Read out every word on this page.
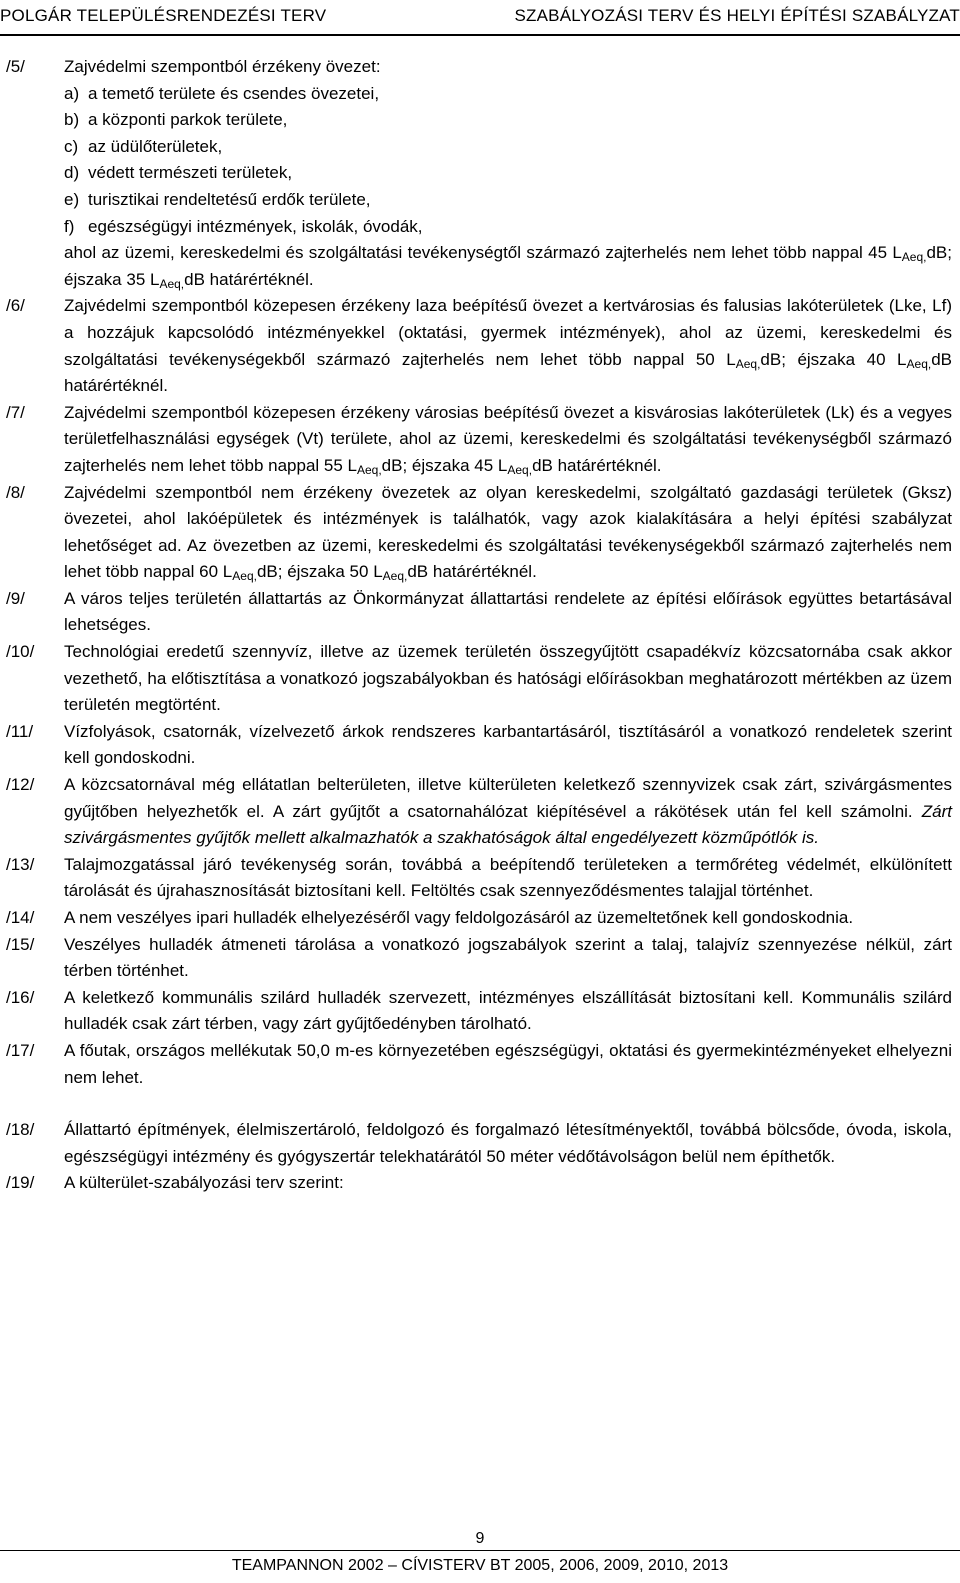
POLGÁR TELEPÜLÉSRENDEZÉSI TERV	SZABÁLYOZÁSI TERV ÉS HELYI ÉPÍTÉSI SZABÁLYZAT
/5/ Zajvédelmi szempontból érzékeny övezet:
a) a temető területe és csendes övezetei,
b) a központi parkok területe,
c) az üdülőterületek,
d) védett természeti területek,
e) turisztikai rendeltetésű erdők területe,
f) egészségügyi intézmények, iskolák, óvodák,
ahol az üzemi, kereskedelmi és szolgáltatási tevékenységtől származó zajterhelés nem lehet több nappal 45 $L_{Aeq,}dB$; éjszaka 35 $L_{Aeq,}dB$ határértéknél.
/6/ Zajvédelmi szempontból közepesen érzékeny laza beépítésű övezet a kertvárosias és falusias lakóterületek (Lke, Lf) a hozzájuk kapcsolódó intézményekkel (oktatási, gyermek intézmények), ahol az üzemi, kereskedelmi és szolgáltatási tevékenységekből származó zajterhelés nem lehet több nappal 50 $L_{Aeq,}dB$; éjszaka 40 $L_{Aeq,}dB$ határértéknél.
/7/ Zajvédelmi szempontból közepesen érzékeny városias beépítésű övezet a kisvárosias lakóterületek (Lk) és a vegyes területfelhasználási egységek (Vt) területe, ahol az üzemi, kereskedelmi és szolgáltatási tevékenységből származó zajterhelés nem lehet több nappal 55 $L_{Aeq,}dB$; éjszaka 45 $L_{Aeq,}dB$ határértéknél.
/8/ Zajvédelmi szempontból nem érzékeny övezetek az olyan kereskedelmi, szolgáltató gazdasági területek (Gksz) övezetei, ahol lakóépületek és intézmények is találhatók, vagy azok kialakítására a helyi építési szabályzat lehetőséget ad. Az övezetben az üzemi, kereskedelmi és szolgáltatási tevékenységekből származó zajterhelés nem lehet több nappal 60 $L_{Aeq,}dB$; éjszaka 50 $L_{Aeq,}dB$ határértéknél.
/9/ A város teljes területén állattartás az Önkormányzat állattartási rendelete az építési előírások együttes betartásával lehetséges.
/10/ Technológiai eredetű szennyvíz, illetve az üzemek területén összegyűjtött csapadékvíz közcsatornába csak akkor vezethető, ha előtisztítása a vonatkozó jogszabályokban és hatósági előírásokban meghatározott mértékben az üzem területén megtörtént.
/11/ Vízfolyások, csatornák, vízelvezető árkok rendszeres karbantartásáról, tisztításáról a vonatkozó rendeletek szerint kell gondoskodni.
/12/ A közcsatornával még ellátatlan belterületen, illetve külterületen keletkező szennyvizek csak zárt, szivárgásmentes gyűjtőben helyezhetők el. A zárt gyűjtőt a csatornahálózat kiépítésével a rákötések után fel kell számolni. Zárt szivárgásmentes gyűjtők mellett alkalmazhatók a szakhatóságok által engedélyezett közműpótlók is.
/13/ Talajmozgatással járó tevékenység során, továbbá a beépítendő területeken a termőréteg védelmét, elkülönített tárolását és újrahasznosítását biztosítani kell. Feltöltés csak szennyeződésmentes talajjal történhet.
/14/ A nem veszélyes ipari hulladék elhelyezéséről vagy feldolgozásáról az üzemeltetőnek kell gondoskodnia.
/15/ Veszélyes hulladék átmeneti tárolása a vonatkozó jogszabályok szerint a talaj, talajvíz szennyezése nélkül, zárt térben történhet.
/16/ A keletkező kommunális szilárd hulladék szervezett, intézményes elszállítását biztosítani kell. Kommunális szilárd hulladék csak zárt térben, vagy zárt gyűjtőedényben tárolható.
/17/ A főutak, országos mellékutak 50,0 m-es környezetében egészségügyi, oktatási és gyermekintézményeket elhelyezni nem lehet.
/18/ Állattartó építmények, élelmiszertároló, feldolgozó és forgalmazó létesítményektől, továbbá bölcsőde, óvoda, iskola, egészségügyi intézmény és gyógyszertár telekhatárától 50 méter védőtávolságon belül nem építhetők.
/19/ A külterület-szabályozási terv szerint:
9
TEAMPANNON 2002 – CÍVISTERV BT 2005, 2006, 2009, 2010, 2013
